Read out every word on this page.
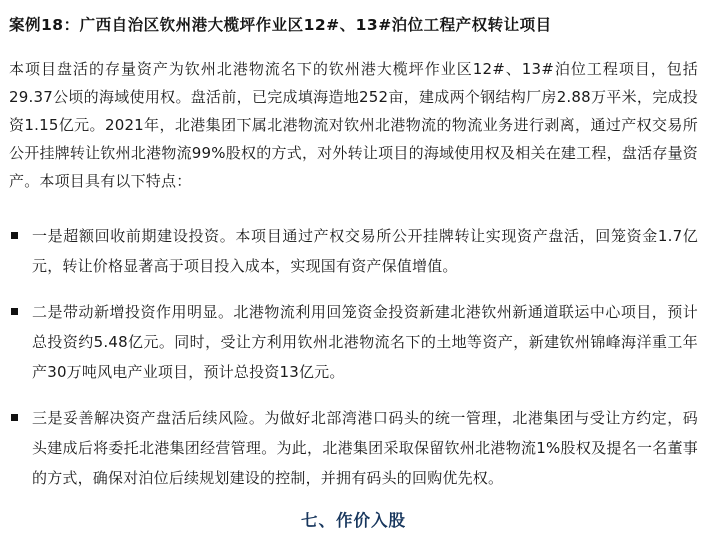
案例18：广西自治区钦州港大榄坪作业区12#、13#泊位工程产权转让项目

本项目盘活的存量资产为钦州北港物流名下的钦州港大榄坪作业区12#、13#泊位工程项目，包括29.37公顷的海域使用权。盘活前，已完成填海造地252亩，建成两个钢结构厂房2.88万平米，完成投资1.15亿元。2021年，北港集团下属北港物流对钦州北港物流的物流业务进行剥离，通过产权交易所公开挂牌转让钦州北港物流99%股权的方式，对外转让项目的海域使用权及相关在建工程，盘活存量资产。本项目具有以下特点：

一是超额回收前期建设投资。本项目通过产权交易所公开挂牌转让实现资产盘活，回笼资金1.7亿元，转让价格显著高于项目投入成本，实现国有资产保值增值。
二是带动新增投资作用明显。北港物流利用回笼资金投资新建北港钦州新通道联运中心项目，预计总投资约5.48亿元。同时，受让方利用钦州北港物流名下的土地等资产，新建钦州锦峰海洋重工年产30万吨风电产业项目，预计总投资13亿元。
三是妥善解决资产盘活后续风险。为做好北部湾港口码头的统一管理，北港集团与受让方约定，码头建成后将委托北港集团经营管理。为此，北港集团采取保留钦州北港物流1%股权及提名一名董事的方式，确保对泊位后续规划建设的控制，并拥有码头的回购优先权。
七、作价入股
